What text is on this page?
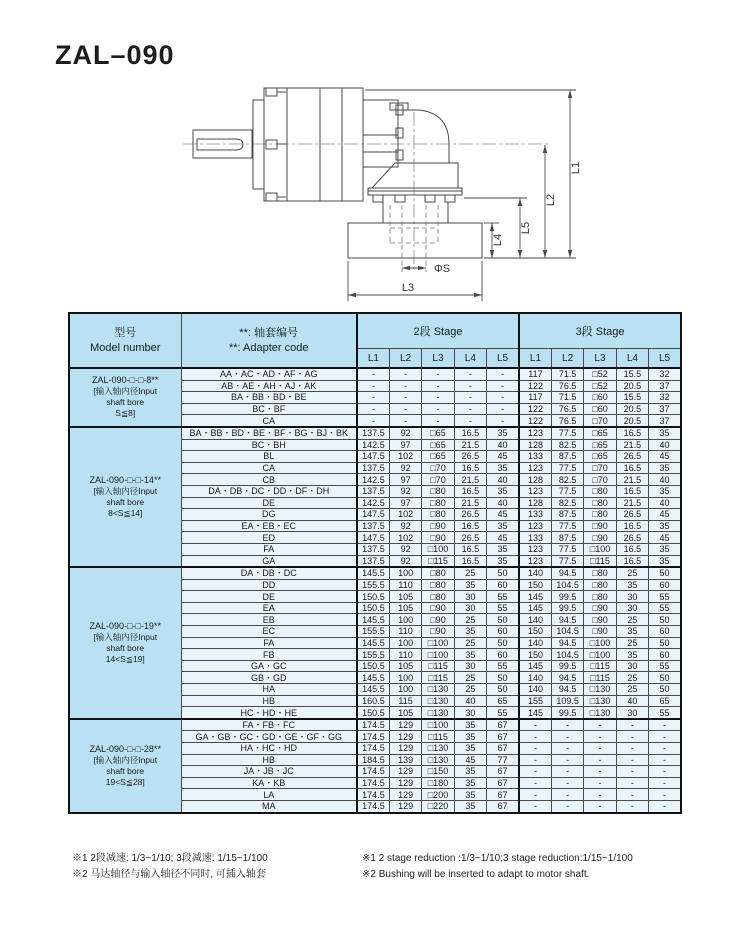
ZAL–090
ΦS
L3
L4
L5
L2
L1
型号
Model number

**: 轴套编号
**: Adapter code
	2段 Stage	3段 Stage
		L1	L2	L3	L4	L5	L1	L2	L3	L4	L5

ZAL-090-□-□-8**
[输入轴内径Input
shaft bore
S≦8]	AA・AC・AD・AF・AG	-	-	-	-	-	117	71.5	□52	15.5	32
	AB・AE・AH・AJ・AK	-	-	-	-	-	122	76.5	□52	20.5	37
	BA・BB・BD・BE	-	-	-	-	-	117	71.5	□60	15.5	32
	BC・BF	-	-	-	-	-	122	76.5	□60	20.5	37
	CA	-	-	-	-	-	122	76.5	□70	20.5	37

ZAL-090-□-□-14**
[输入轴内径Input
shaft bore
8<S≦14]	BA・BB・BD・BE・BF・BG・BJ・BK	137.5	92	□65	16.5	35	123	77.5	□65	16.5	35
	BC・BH	142.5	97	□65	21.5	40	128	82.5	□65	21.5	40
	BL	147.5	102	□65	26.5	45	133	87.5	□65	26.5	45
	CA	137.5	92	□70	16.5	35	123	77.5	□70	16.5	35
	CB	142.5	97	□70	21.5	40	128	82.5	□70	21.5	40
	DA・DB・DC・DD・DF・DH	137.5	92	□80	16.5	35	123	77.5	□80	16.5	35
	DE	142.5	97	□80	21.5	40	128	82.5	□80	21.5	40
	DG	147.5	102	□80	26.5	45	133	87.5	□80	26.5	45
	EA・EB・EC	137.5	92	□90	16.5	35	123	77.5	□90	16.5	35
	ED	147.5	102	□90	26.5	45	133	87.5	□90	26.5	45
	FA	137.5	92	□100	16.5	35	123	77.5	□100	16.5	35
	GA	137.5	92	□115	16.5	35	123	77.5	□115	16.5	35

ZAL-090-□-□-19**
[输入轴内径Input
shaft bore
14<S≦19]	DA・DB・DC	145.5	100	□80	25	50	140	94.5	□80	25	50
	DD	155.5	110	□80	35	60	150	104.5	□80	35	60
	DE	150.5	105	□80	30	55	145	99.5	□80	30	55
	EA	150.5	105	□90	30	55	145	99.5	□90	30	55
	EB	145.5	100	□90	25	50	140	94.5	□90	25	50
	EC	155.5	110	□90	35	60	150	104.5	□90	35	60
	FA	145.5	100	□100	25	50	140	94.5	□100	25	50
	FB	155.5	110	□100	35	60	150	104.5	□100	35	60
	GA・GC	150.5	105	□115	30	55	145	99.5	□115	30	55
	GB・GD	145.5	100	□115	25	50	140	94.5	□115	25	50
	HA	145.5	100	□130	25	50	140	94.5	□130	25	50
	HB	160.5	115	□130	40	65	155	109.5	□130	40	65
	HC・HD・HE	150.5	105	□130	30	55	145	99.5	□130	30	55

ZAL-090-□-□-28**
[输入轴内径Input
shaft bore
19<S≦28]	FA・FB・FC	174.5	129	□100	35	67	-	-	-	-	-
	GA・GB・GC・GD・GE・GF・GG	174.5	129	□115	35	67	-	-	-	-	-
	HA・HC・HD	174.5	129	□130	35	67	-	-	-	-	-
	HB	184.5	139	□130	45	77	-	-	-	-	-
	JA・JB・JC	174.5	129	□150	35	67	-	-	-	-	-
	KA・KB	174.5	129	□180	35	67	-	-	-	-	-
	LA	174.5	129	□200	35	67	-	-	-	-	-
	MA	174.5	129	□220	35	67	-	-	-	-	-
※1 2段减速: 1/3~1/10; 3段减速: 1/15~1/100
※2 马达轴径与输入轴径不同时, 可插入轴套
※1 2 stage reduction :1/3~1/10;3 stage reduction:1/15~1/100
※2 Bushing will be inserted to adapt to motor shaft.
